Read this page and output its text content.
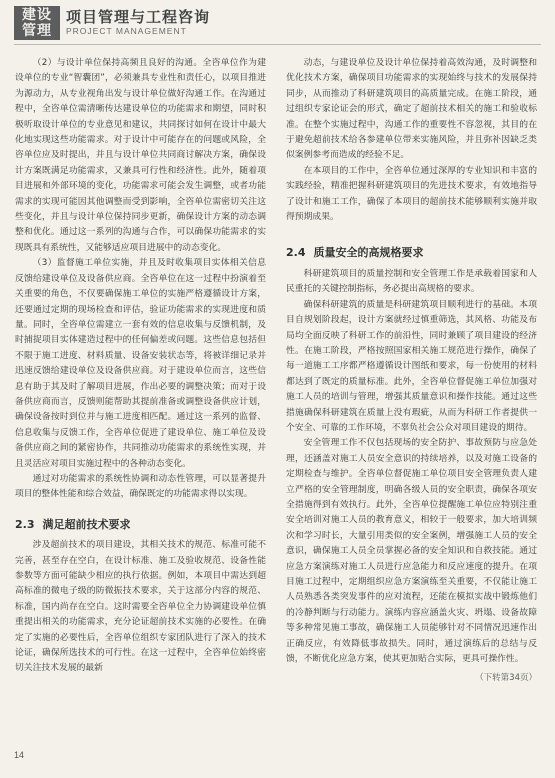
建设
管理
项目管理与工程咨询
PROJECT MANAGEMENT

（2）与设计单位保持高频且良好的沟通。全咨单位作为建设单位的专业“智囊团”，必须兼具专业性和责任心，以项目推进为源动力，从专业视角出发与设计单位做好沟通工作。在沟通过程中，全咨单位需清晰传达建设单位的功能需求和期望，同时积极听取设计单位的专业意见和建议，共同探讨如何在设计中最大化地实现这些功能需求。对于设计中可能存在的问题或风险，全咨单位应及时提出，并且与设计单位共同商讨解决方案，确保设计方案既满足功能需求，又兼具可行性和经济性。此外，随着项目进展和外部环境的变化，功能需求可能会发生调整，或者功能需求的实现可能因其他调整而受到影响，全咨单位需密切关注这些变化，并且与设计单位保持同步更新，确保设计方案的动态调整和优化。通过这一系列的沟通与合作，可以确保功能需求的实现既具有系统性，又能够适应项目进展中的动态变化。

（3）监督施工单位实施，并且及时收集项目实体相关信息反馈给建设单位及设备供应商。全咨单位在这一过程中扮演着至关重要的角色，不仅要确保施工单位的实施严格遵循设计方案，还要通过定期的现场检查和评估，验证功能需求的实现进度和质量。同时，全咨单位需建立一套有效的信息收集与反馈机制，及时捕捉项目实体建造过程中的任何偏差或问题。这些信息包括但不限于施工进度、材料质量、设备安装状态等，将被详细记录并迅速反馈给建设单位及设备供应商。对于建设单位而言，这些信息有助于其及时了解项目进展，作出必要的调整决策；而对于设备供应商而言，反馈则能帮助其提前准备或调整设备供应计划，确保设备按时到位并与施工进度相匹配。通过这一系列的监督、信息收集与反馈工作，全咨单位促进了建设单位、施工单位及设备供应商之间的紧密协作，共同推动功能需求的系统性实现，并且灵活应对项目实施过程中的各种动态变化。

通过对功能需求的系统性协调和动态性管理，可以显著提升项目的整体性能和综合效益，确保既定的功能需求得以实现。

2.3 满足超前技术要求

涉及超前技术的项目建设，其相关技术的规范、标准可能不完善，甚至存在空白，在设计标准、施工及验收规范、设备性能参数等方面可能缺少相应的执行依据。例如，本项目中需达到超高标准的微电子级的防微振技术要求，关于这部分内容的规范、标准，国内尚存在空白。这时需要全咨单位全力协调建设单位慎重提出相关的功能需求，充分论证超前技术实施的必要性。在确定了实施的必要性后，全咨单位组织专家团队进行了深入的技术论证，确保所选技术的可行性。在这一过程中，全咨单位始终密切关注技术发展的最新

动态，与建设单位及设计单位保持着高效沟通，及时调整和优化技术方案，确保项目功能需求的实现始终与技术的发展保持同步，从而推动了科研建筑项目的高质量完成。在施工阶段，通过组织专家论证会的形式，确定了超前技术相关的施工和验收标准。在整个实施过程中，沟通工作的重要性不容忽视，其目的在于避免超前技术给各参建单位带来实施风险，并且弥补因缺乏类似案例参考而造成的经验不足。

在本项目的工作中，全咨单位通过深厚的专业知识和丰富的实践经验，精准把握科研建筑项目的先进技术要求，有效地指导了设计和施工工作，确保了本项目的超前技术能够顺利实施并取得预期成果。

2.4 质量安全的高规格要求

科研建筑项目的质量控制和安全管理工作是承载着国家和人民重托的关键控制指标，务必提出高规格的要求。

确保科研建筑的质量是科研建筑项目顺利进行的基础。本项目自规划阶段起，设计方案就经过慎重筛选，其风格、功能及布局均全面反映了科研工作的前沿性，同时兼顾了项目建设的经济性。在施工阶段，严格按照国家相关施工规范进行操作，确保了每一道施工工序都严格遵循设计图纸和要求，每一份使用的材料都达到了既定的质量标准。此外，全咨单位督促施工单位加强对施工人员的培训与管理，增强其质量意识和操作技能。通过这些措施确保科研建筑在质量上没有瑕疵，从而为科研工作者提供一个安全、可靠的工作环境，不辜负社会公众对项目建设的期待。

安全管理工作不仅包括现场的安全防护、事故预防与应急处理，还涵盖对施工人员安全意识的持续培养，以及对施工设备的定期检查与维护。全咨单位督促施工单位项目安全管理负责人建立严格的安全管理制度，明确各级人员的安全职责，确保各项安全措施得到有效执行。此外，全咨单位提醒施工单位应特别注重安全培训对施工人员的教育意义，相较于一般要求，加大培训频次和学习时长，大量引用类似的安全案例，增强施工人员的安全意识，确保施工人员全员掌握必备的安全知识和自救技能。通过应急方案演练对施工人员进行应急能力和反应速度的提升。在项目施工过程中，定期组织应急方案演练至关重要，不仅能让施工人员熟悉各类突发事件的应对流程，还能在模拟实战中锻炼他们的冷静判断与行动能力。演练内容应涵盖火灾、坍塌、设备故障等多种常见施工事故，确保施工人员能够针对不同情况迅速作出正确反应，有效降低事故损失。同时，通过演练后的总结与反馈，不断优化应急方案，使其更加贴合实际，更具可操作性。

（下转第34页）
14
